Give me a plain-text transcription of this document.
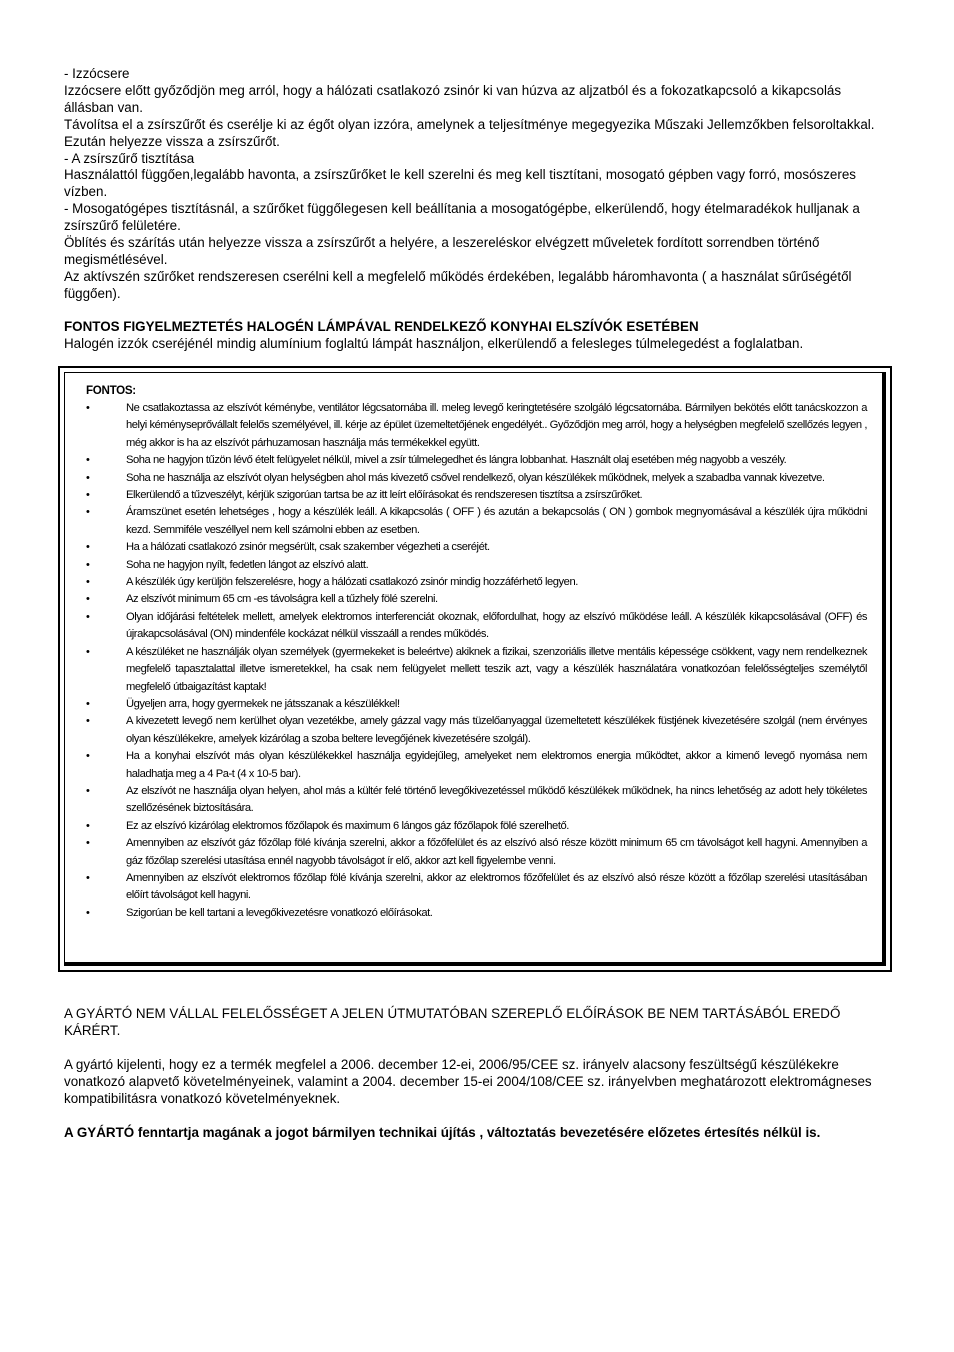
- Izzócsere
Izzócsere előtt győződjön meg arról, hogy a hálózati csatlakozó zsinór ki van húzva az aljzatból és a fokozatkapcsoló a kikapcsolás állásban van.
Távolítsa el a zsírszűrőt és cserélje ki az égőt olyan izzóra, amelynek a teljesítménye megegyezika Műszaki Jellemzőkben felsoroltakkal. Ezután helyezze vissza a zsírszűrőt.
- A zsírszűrő tisztítása
Használattól függően,legalább havonta, a zsírszűrőket le kell szerelni és meg kell tisztítani, mosogató gépben vagy forró, mosószeres vízben.
- Mosogatógépes tisztításnál, a szűrőket függőlegesen kell beállítania a mosogatógépbe, elkerülendő, hogy ételmaradékok hulljanak a zsírszűrő felületére.
Öblítés és szárítás után helyezze vissza a zsírszűrőt a helyére, a leszereléskor elvégzett műveletek fordított sorrendben történő megismétlésével.
Az aktívszén szűrőket rendszeresen cserélni kell a megfelelő működés érdekében, legalább háromhavonta ( a használat sűrűségétől függően).
FONTOS FIGYELMEZTETÉS HALOGÉN LÁMPÁVAL RENDELKEZŐ KONYHAI ELSZÍVÓK ESETÉBEN
Halogén izzók cseréjénél mindig alumínium foglaltú lámpát használjon, elkerülendő a felesleges túlmelegedést a foglalatban.
FONTOS:
•	Ne csatlakoztassa az elszívót kéménybe, ventilátor légcsatornába ill. meleg levegő keringtetésére szolgáló légcsatornába. Bármilyen bekötés előtt tanácskozzon a helyi kéményseprővállalt felelős személyével, ill. kérje az épület üzemeltetőjének engedélyét.. Győződjön meg arról, hogy a helységben megfelelő szellőzés legyen , még akkor is ha az elszívót párhuzamosan használja más termékekkel együtt.
•	Soha ne hagyjon tűzön lévő ételt felügyelet nélkül, mivel a zsír túlmelegedhet és lángra lobbanhat. Használt olaj esetében még nagyobb a veszély.
•	Soha ne használja az elszívót olyan helységben ahol más kivezető csővel rendelkező, olyan készülékek működnek, melyek a szabadba vannak kivezetve.
•	Elkerülendő a tűzveszélyt, kérjük szigorúan tartsa be az itt leírt előírásokat és rendszeresen tisztítsa a zsírszűrőket.
•	Áramszünet esetén lehetséges , hogy a készülék leáll. A kikapcsolás ( OFF ) és azután a bekapcsolás ( ON ) gombok megnyomásával a készülék újra működni kezd. Semmiféle veszéllyel nem kell számolni ebben az esetben.
•	Ha a hálózati csatlakozó zsinór megsérült, csak szakember végezheti a cseréjét.
•	Soha ne hagyjon nyílt, fedetlen lángot az elszívó alatt.
•	A készülék úgy kerüljön felszerelésre, hogy a hálózati csatlakozó zsinór mindig hozzáférhető legyen.
•	Az elszívót minimum 65 cm -es távolságra kell a tűzhely fölé szerelni.
•	Olyan időjárási feltételek mellett, amelyek elektromos interferenciát okoznak, előfordulhat, hogy az elszívó működése leáll. A készülék kikapcsolásával (OFF) és újrakapcsolásával (ON) mindenféle kockázat nélkül visszaáll a rendes működés.
•	A készüléket ne használják olyan személyek (gyermekeket is beleértve) akiknek a fizikai, szenzoriális illetve mentális képessége csökkent, vagy nem rendelkeznek megfelelő tapasztalattal illetve ismeretekkel, ha csak nem felügyelet mellett teszik azt, vagy a készülék használatára vonatkozóan felelősségteljes személytől megfelelő útbaigazítást kaptak!
•	Ügyeljen arra, hogy gyermekek ne játsszanak a készülékkel!
•	A kivezetett levegő nem kerülhet olyan vezetékbe, amely gázzal vagy más tüzelőanyaggal üzemeltetett készülékek füstjének kivezetésére szolgál (nem érvényes olyan készülékekre, amelyek kizárólag a szoba beltere levegőjének kivezetésére szolgál).
•	Ha a konyhai elszívót más olyan készülékekkel használja egyidejűleg, amelyeket nem elektromos energia működtet, akkor a kimenő levegő nyomása nem haladhatja meg a 4 Pa-t (4 x 10-5 bar).
•	Az elszívót ne használja olyan helyen, ahol más a kültér felé történő levegőkivezetéssel működő készülékek működnek, ha nincs lehetőség az adott hely tökéletes szellőzésének biztosítására.
•	Ez az elszívó kizárólag elektromos főzőlapok és maximum 6 lángos gáz főzőlapok fölé szerelhető.
•	Amennyiben az elszívót gáz főzőlap fölé kívánja szerelni, akkor a főzőfelület és az elszívó alsó része között minimum 65 cm távolságot kell hagyni. Amennyiben a gáz főzőlap szerelési utasítása ennél nagyobb távolságot ír elő, akkor azt kell figyelembe venni.
•	Amennyiben az elszívót elektromos főzőlap fölé kívánja szerelni, akkor az elektromos főzőfelület és az elszívó alsó része között a főzőlap szerelési utasításában előírt távolságot kell hagyni.
•	Szigorúan be kell tartani a levegőkivezetésre vonatkozó előírásokat.
A GYÁRTÓ NEM VÁLLAL FELELŐSSÉGET A JELEN ÚTMUTATÓBAN SZEREPLŐ ELŐÍRÁSOK BE NEM TARTÁSÁBÓL EREDŐ KÁRÉRT.
A gyártó kijelenti, hogy ez a termék megfelel a 2006. december 12-ei, 2006/95/CEE sz. irányelv alacsony feszültségű készülékekre vonatkozó alapvető követelményeinek, valamint a 2004. december 15-ei 2004/108/CEE sz. irányelvben meghatározott elektromágneses kompatibilitásra vonatkozó követelményeknek.
A GYÁRTÓ fenntartja magának a jogot bármilyen technikai újítás , változtatás bevezetésére előzetes értesítés nélkül is.
